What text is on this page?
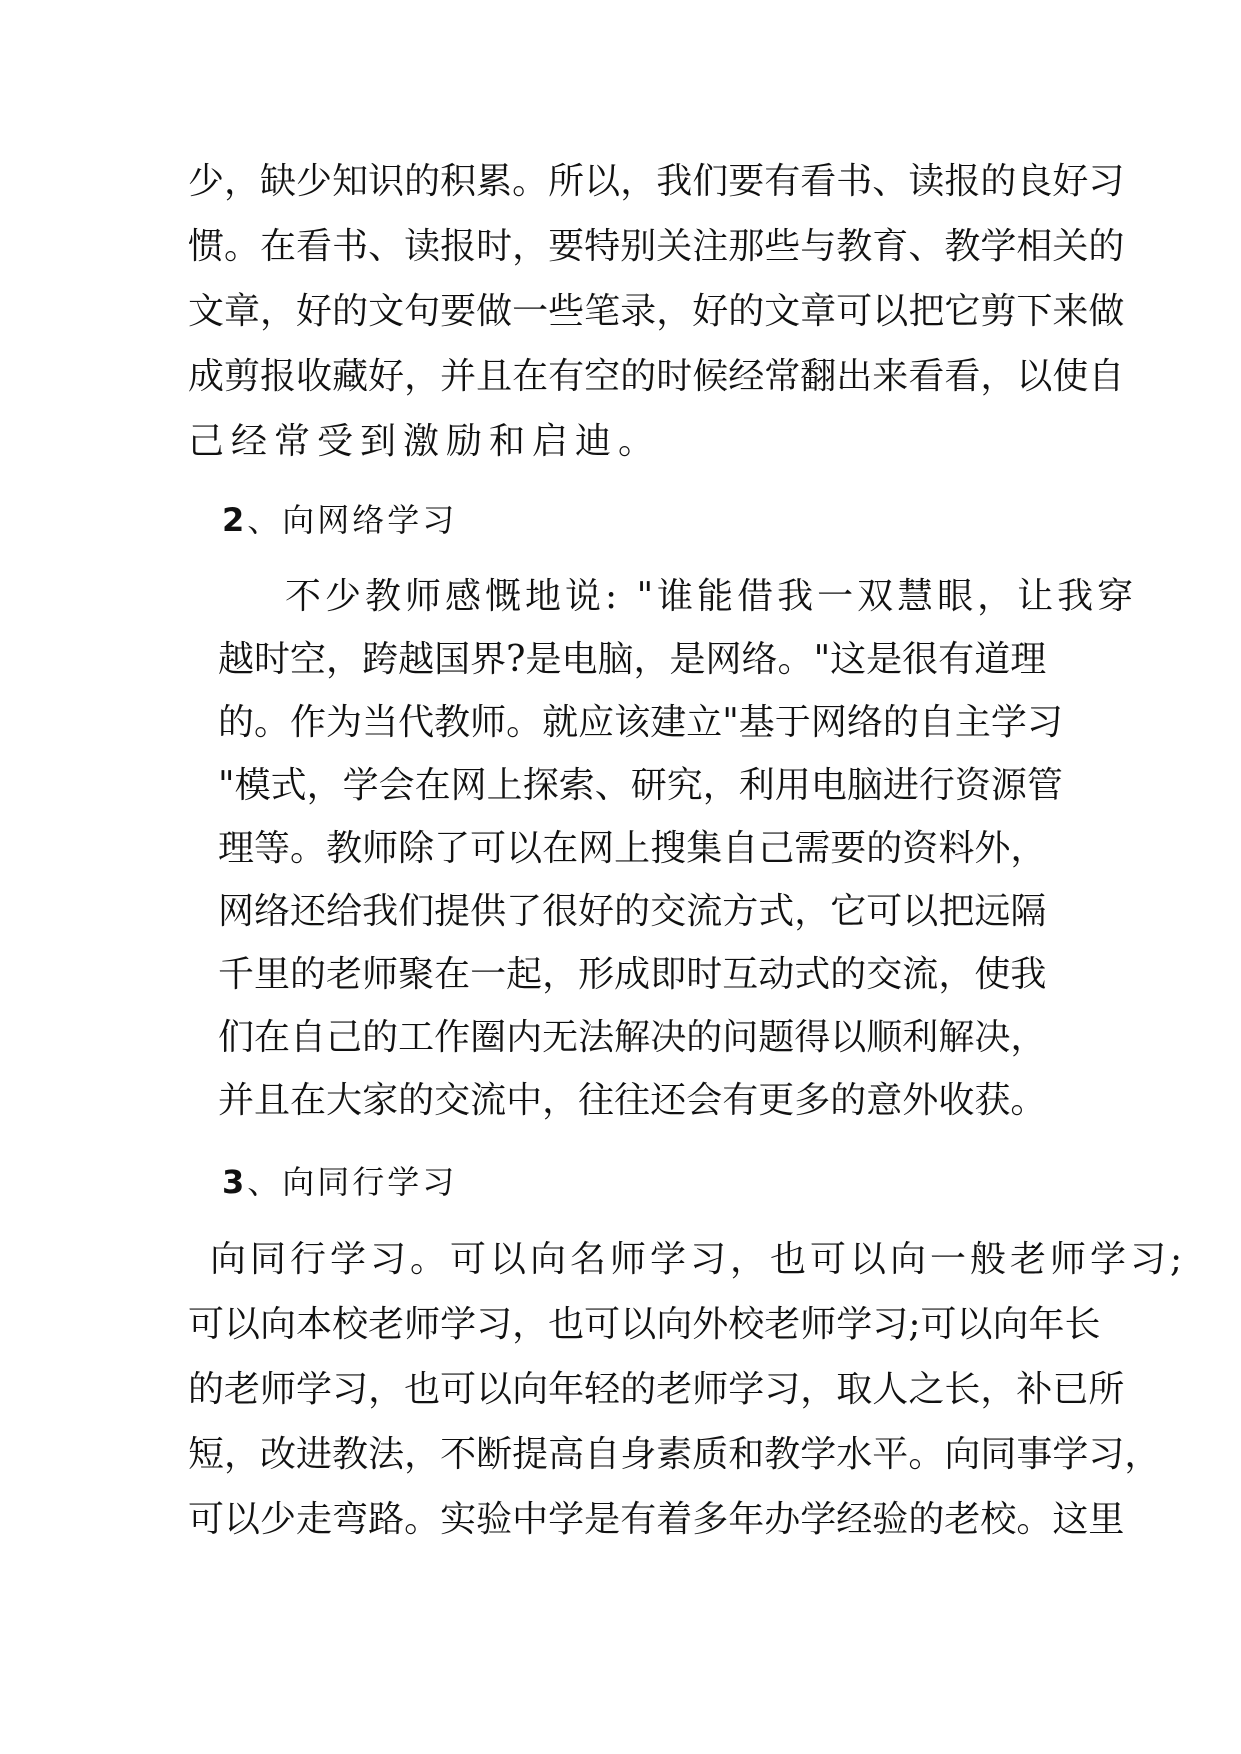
少 ， 缺 少 知 识 的 积 累 。 所 以 ， 我 们 要 有 看 书 、 读 报 的 良 好 习
惯 。 在 看 书 、 读 报 时 ， 要 特 别 关 注 那 些 与 教 育 、 教 学 相 关 的
文 章 ， 好 的 文 句 要 做 一 些 笔 录 ， 好 的 文 章 可 以 把 它 剪 下 来 做
成 剪 报 收 藏 好 ， 并 且 在 有 空 的 时 候 经 常 翻 出 来 看 看 ， 以 使 自
己经常受到激励和启迪。
2、向网络学习
不少教师感慨地说: "谁能借我一双慧眼，让我穿
越 时 空 ， 跨 越 国 界 ? 是 电 脑 ， 是 网 络 。 " 这 是 很 有 道 理
的 。 作 为 当 代 教 师 。 就 应 该 建 立 " 基 于 网 络 的 自 主 学 习
" 模 式 ， 学 会 在 网 上 探 索 、 研 究 ， 利 用 电 脑 进 行 资 源 管
理 等 。 教 师 除 了 可 以 在 网 上 搜 集 自 己 需 要 的 资 料 外 ，
网 络 还 给 我 们 提 供 了 很 好 的 交 流 方 式 ， 它 可 以 把 远 隔
千 里 的 老 师 聚 在 一 起 ， 形 成 即 时 互 动 式 的 交 流 ， 使 我
们 在 自 己 的 工 作 圈 内 无 法 解 决 的 问 题 得 以 顺 利 解 决 ，
并 且 在 大 家 的 交 流 中 ， 往 往 还 会 有 更 多 的 意 外 收 获 。
3、向同行学习
向同行学习。可以向名师学习，也可以向一般老师学习;
可 以 向 本 校 老 师 学 习 ， 也 可 以 向 外 校 老 师 学 习 ; 可 以 向 年 长
的 老 师 学 习 ， 也 可 以 向 年 轻 的 老 师 学 习 ， 取 人 之 长 ， 补 已 所
短 ， 改 进 教 法 ， 不 断 提 高 自 身 素 质 和 教 学 水 平 。 向 同 事 学 习 ，
可 以 少 走 弯 路 。 实 验 中 学 是 有 着 多 年 办 学 经 验 的 老 校 。 这 里
